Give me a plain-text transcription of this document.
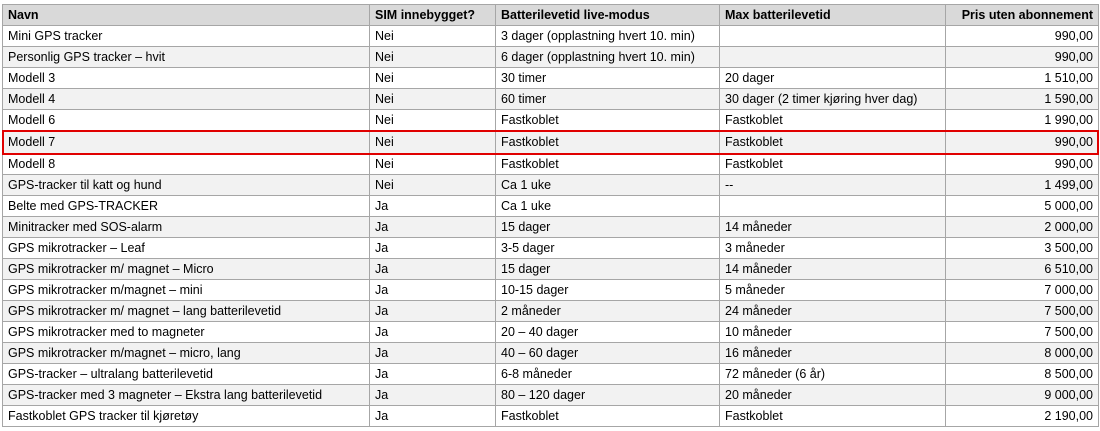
Navn	SIM innebygget?	Batterilevetid live-modus	Max batterilevetid	Pris uten abonnement
Mini GPS tracker	Nei	3 dager (opplastning hvert 10. min)		990,00
Personlig GPS tracker – hvit	Nei	6 dager (opplastning hvert 10. min)		990,00
Modell 3	Nei	30 timer	20 dager	1 510,00
Modell 4	Nei	60 timer	30 dager (2 timer kjøring hver dag)	1 590,00
Modell 6	Nei	Fastkoblet	Fastkoblet	1 990,00
Modell 7	Nei	Fastkoblet	Fastkoblet	990,00
Modell 8	Nei	Fastkoblet	Fastkoblet	990,00
GPS-tracker til katt og hund	Nei	Ca 1 uke	--	1 499,00
Belte med GPS-TRACKER	Ja	Ca 1 uke		5 000,00
Minitracker med SOS-alarm	Ja	15 dager	14 måneder	2 000,00
GPS mikrotracker – Leaf	Ja	3-5 dager	3 måneder	3 500,00
GPS mikrotracker m/ magnet – Micro	Ja	15 dager	14 måneder	6 510,00
GPS mikrotracker m/magnet – mini	Ja	10-15 dager	5 måneder	7 000,00
GPS mikrotracker m/ magnet – lang batterilevetid	Ja	2 måneder	24 måneder	7 500,00
GPS mikrotracker med to magneter	Ja	20 – 40 dager	10 måneder	7 500,00
GPS mikrotracker m/magnet – micro, lang	Ja	40 – 60 dager	16 måneder	8 000,00
GPS-tracker – ultralang batterilevetid	Ja	6-8 måneder	72 måneder (6 år)	8 500,00
GPS-tracker med 3 magneter – Ekstra lang batterilevetid	Ja	80 – 120 dager	20 måneder	9 000,00
Fastkoblet GPS tracker til kjøretøy	Ja	Fastkoblet	Fastkoblet	2 190,00
